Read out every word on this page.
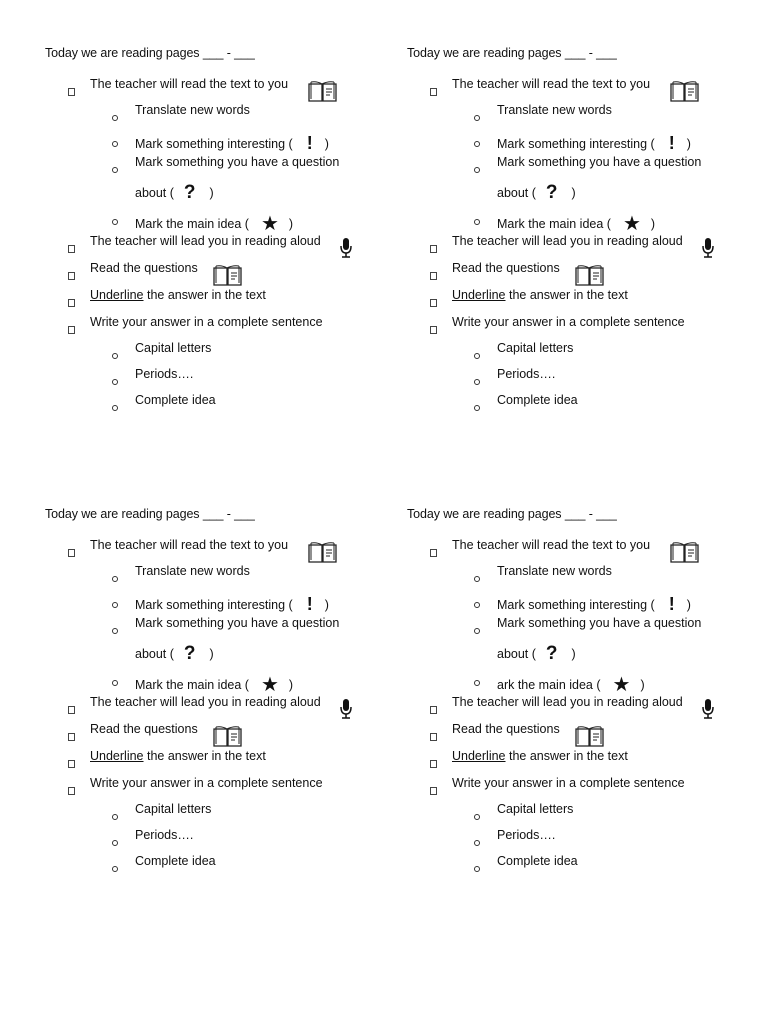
Today we are reading pages ___ - ___
The teacher will read the text to you
Translate new words
Mark something interesting ( ! )
Mark something you have a question
about ( ? )
Mark the main idea ( ★ )
The teacher will lead you in reading aloud
Read the questions
Underline the answer in the text
Write your answer in a complete sentence
Capital letters
Periods….
Complete idea
Today we are reading pages ___ - ___
The teacher will read the text to you
Translate new words
Mark something interesting ( ! )
Mark something you have a question
about ( ? )
Mark the main idea ( ★ )
The teacher will lead you in reading aloud
Read the questions
Underline the answer in the text
Write your answer in a complete sentence
Capital letters
Periods….
Complete idea
Today we are reading pages ___ - ___
The teacher will read the text to you
Translate new words
Mark something interesting ( ! )
Mark something you have a question
about ( ? )
Mark the main idea ( ★ )
The teacher will lead you in reading aloud
Read the questions
Underline the answer in the text
Write your answer in a complete sentence
Capital letters
Periods….
Complete idea
Today we are reading pages ___ - ___
The teacher will read the text to you
Translate new words
Mark something interesting ( ! )
Mark something you have a question
about ( ? )
ark the main idea ( ★ )
The teacher will lead you in reading aloud
Read the questions
Underline the answer in the text
Write your answer in a complete sentence
Capital letters
Periods….
Complete idea
